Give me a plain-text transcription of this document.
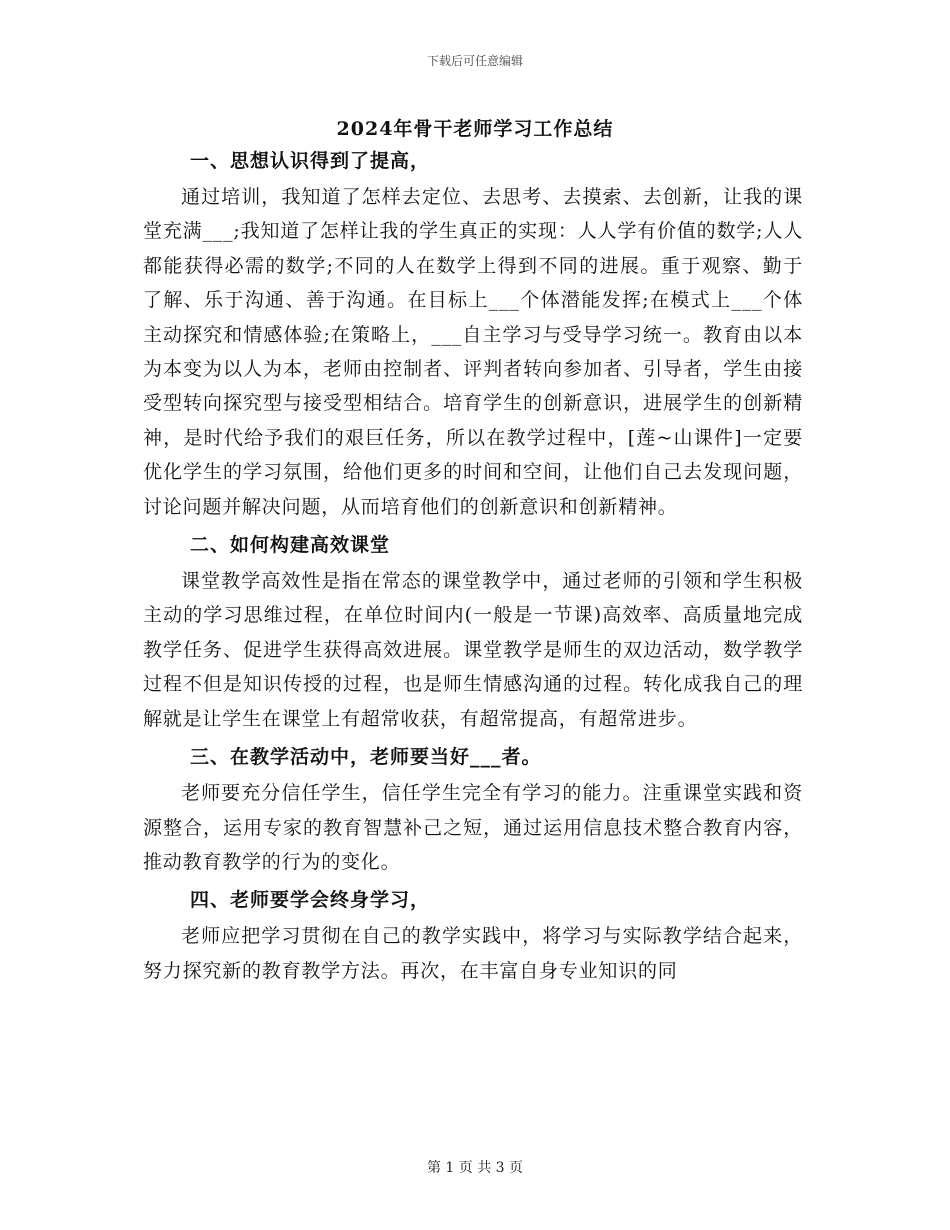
下载后可任意编辑
2024年骨干老师学习工作总结

一、思想认识得到了提高，

通过培训，我知道了怎样去定位、去思考、去摸索、去创新，让我的课堂充满___;我知道了怎样让我的学生真正的实现：人人学有价值的数学;人人都能获得必需的数学;不同的人在数学上得到不同的进展。重于观察、勤于了解、乐于沟通、善于沟通。在目标上___个体潜能发挥;在模式上___个体主动探究和情感体验;在策略上，___自主学习与受导学习统一。教育由以本为本变为以人为本，老师由控制者、评判者转向参加者、引导者，学生由接受型转向探究型与接受型相结合。培育学生的创新意识，进展学生的创新精神，是时代给予我们的艰巨任务，所以在教学过程中，[莲~山课件]一定要优化学生的学习氛围，给他们更多的时间和空间，让他们自己去发现问题，讨论问题并解决问题，从而培育他们的创新意识和创新精神。

二、如何构建高效课堂

课堂教学高效性是指在常态的课堂教学中，通过老师的引领和学生积极主动的学习思维过程，在单位时间内(一般是一节课)高效率、高质量地完成教学任务、促进学生获得高效进展。课堂教学是师生的双边活动，数学教学过程不但是知识传授的过程，也是师生情感沟通的过程。转化成我自己的理解就是让学生在课堂上有超常收获，有超常提高，有超常进步。

三、在教学活动中，老师要当好___者。

老师要充分信任学生，信任学生完全有学习的能力。注重课堂实践和资源整合，运用专家的教育智慧补己之短，通过运用信息技术整合教育内容，推动教育教学的行为的变化。

四、老师要学会终身学习，

老师应把学习贯彻在自己的教学实践中，将学习与实际教学结合起来，努力探究新的教育教学方法。再次，在丰富自身专业知识的同

第 1 页 共 3 页
